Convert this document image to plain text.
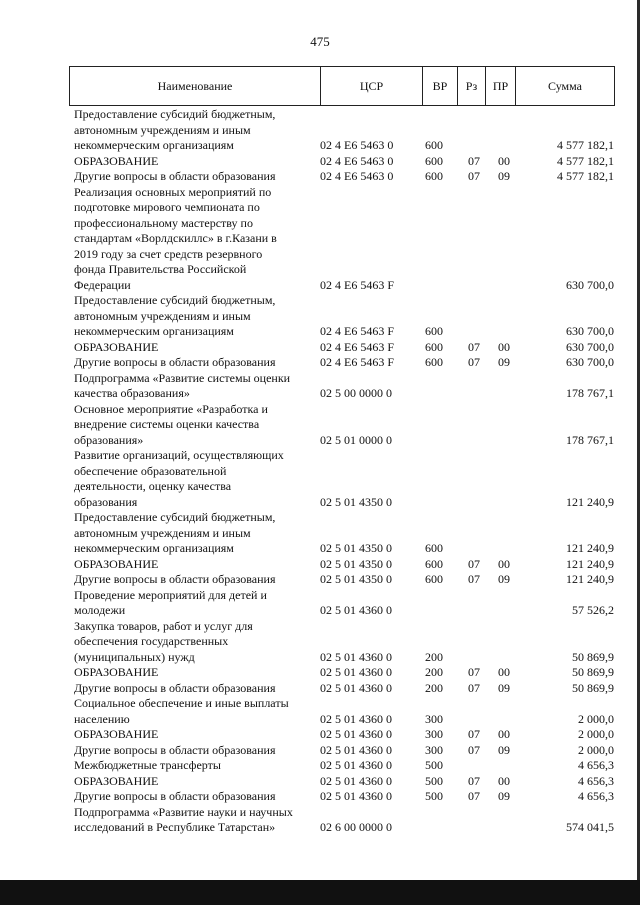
475
Наименование	ЦСР	ВР	Рз	ПР	Сумма
Предоставление субсидий бюджетным,
автономным учреждениям и иным
некоммерческим организациям	02 4 E6 5463 0	600	4 577 182,1
ОБРАЗОВАНИЕ	02 4 E6 5463 0	600	07	00	4 577 182,1
Другие вопросы в области образования	02 4 E6 5463 0	600	07	09	4 577 182,1
Реализация основных мероприятий по
подготовке мирового чемпионата по
профессиональному мастерству по
стандартам «Ворлдскиллс» в г.Казани в
2019 году за счет средств резервного
фонда Правительства Российской
Федерации	02 4 E6 5463 F	630 700,0
Предоставление субсидий бюджетным,
автономным учреждениям и иным
некоммерческим организациям	02 4 E6 5463 F	600	630 700,0
ОБРАЗОВАНИЕ	02 4 E6 5463 F	600	07	00	630 700,0
Другие вопросы в области образования	02 4 E6 5463 F	600	07	09	630 700,0
Подпрограмма «Развитие системы оценки
качества образования»	02 5 00 0000 0	178 767,1
Основное мероприятие «Разработка и
внедрение системы оценки качества
образования»	02 5 01 0000 0	178 767,1
Развитие организаций, осуществляющих
обеспечение образовательной
деятельности, оценку качества
образования	02 5 01 4350 0	121 240,9
Предоставление субсидий бюджетным,
автономным учреждениям и иным
некоммерческим организациям	02 5 01 4350 0	600	121 240,9
ОБРАЗОВАНИЕ	02 5 01 4350 0	600	07	00	121 240,9
Другие вопросы в области образования	02 5 01 4350 0	600	07	09	121 240,9
Проведение мероприятий для детей и
молодежи	02 5 01 4360 0	57 526,2
Закупка товаров, работ и услуг для
обеспечения государственных
(муниципальных) нужд	02 5 01 4360 0	200	50 869,9
ОБРАЗОВАНИЕ	02 5 01 4360 0	200	07	00	50 869,9
Другие вопросы в области образования	02 5 01 4360 0	200	07	09	50 869,9
Социальное обеспечение и иные выплаты
населению	02 5 01 4360 0	300	2 000,0
ОБРАЗОВАНИЕ	02 5 01 4360 0	300	07	00	2 000,0
Другие вопросы в области образования	02 5 01 4360 0	300	07	09	2 000,0
Межбюджетные трансферты	02 5 01 4360 0	500	4 656,3
ОБРАЗОВАНИЕ	02 5 01 4360 0	500	07	00	4 656,3
Другие вопросы в области образования	02 5 01 4360 0	500	07	09	4 656,3
Подпрограмма «Развитие науки и научных
исследований в Республике Татарстан»	02 6 00 0000 0	574 041,5
